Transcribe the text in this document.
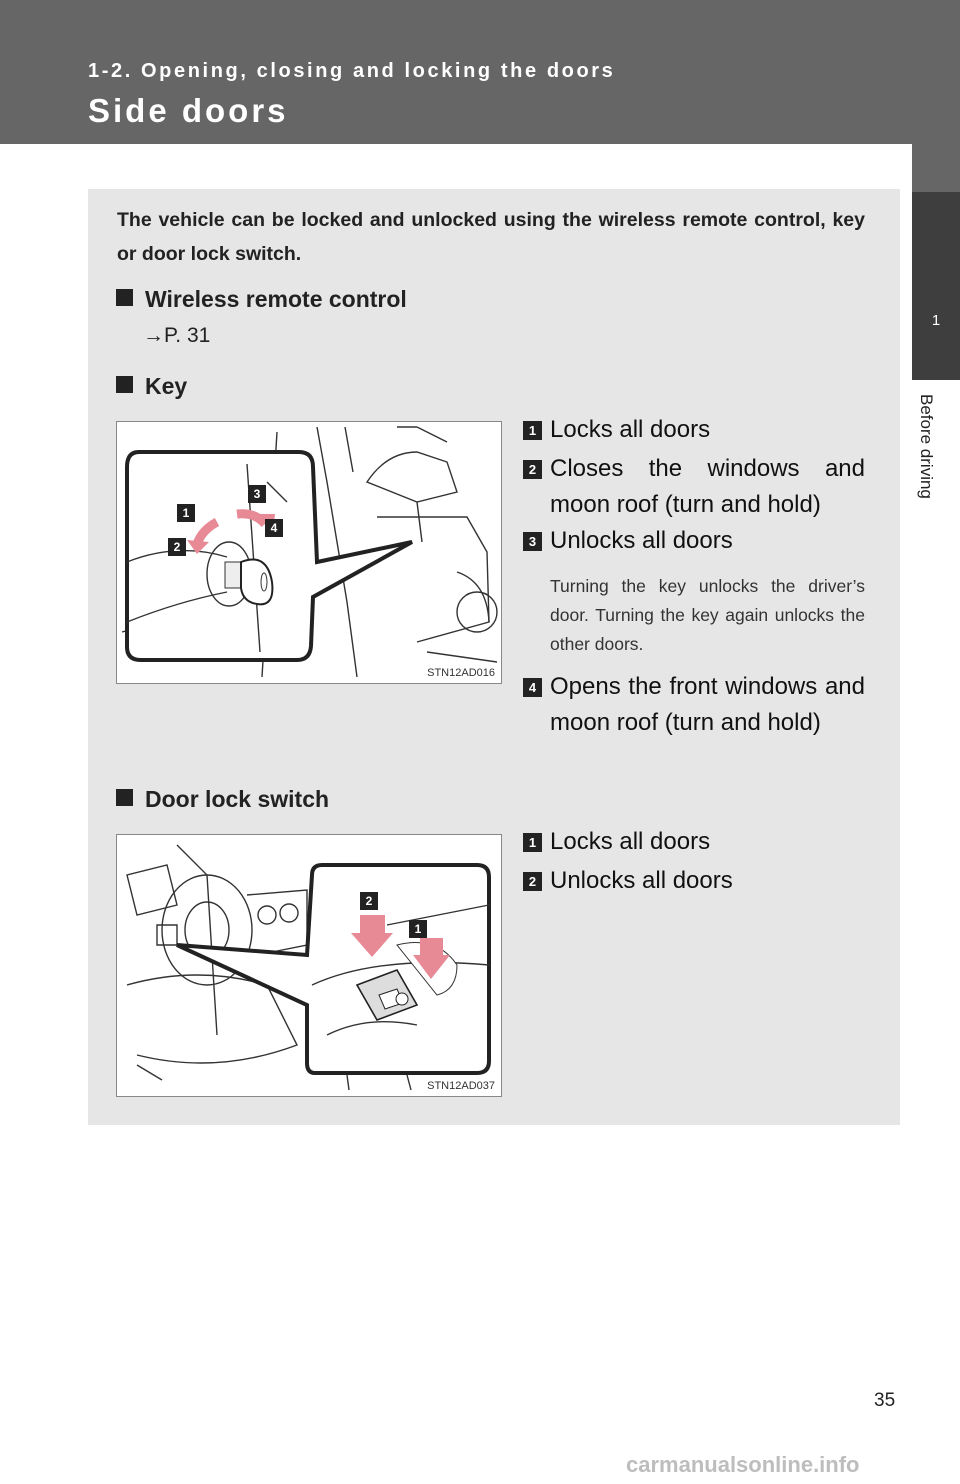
1-2. Opening, closing and locking the doors
Side doors
1
Before driving
The vehicle can be locked and unlocked using the wireless remote control, key or door lock switch.
Wireless remote control
→P. 31
Key
1
2
3
4
STN12AD016
1 Locks all doors
2 Closes the windows and moon roof (turn and hold)
3 Unlocks all doors
Turning the key unlocks the driver’s door. Turning the key again unlocks the other doors.
4 Opens the front windows and moon roof (turn and hold)
Door lock switch
2
1
STN12AD037
1 Locks all doors
2 Unlocks all doors
35
carmanualsonline.info
